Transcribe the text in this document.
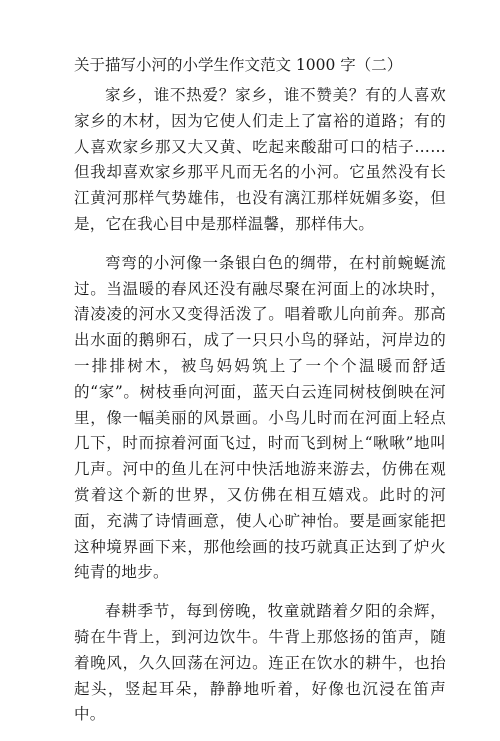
关于描写小河的小学生作文范文 1000 字（二）

家乡，谁不热爱？家乡，谁不赞美？有的人喜欢家乡的木材，因为它使人们走上了富裕的道路；有的人喜欢家乡那又大又黄、吃起来酸甜可口的桔子……但我却喜欢家乡那平凡而无名的小河。它虽然没有长江黄河那样气势雄伟，也没有漓江那样妩媚多姿，但是，它在我心目中是那样温馨，那样伟大。

弯弯的小河像一条银白色的绸带，在村前蜿蜒流过。当温暖的春风还没有融尽聚在河面上的冰块时，清凌凌的河水又变得活泼了。唱着歌儿向前奔。那高出水面的鹅卵石，成了一只只小鸟的驿站，河岸边的一排排树木，被鸟妈妈筑上了一个个温暖而舒适的“家”。树枝垂向河面，蓝天白云连同树枝倒映在河里，像一幅美丽的风景画。小鸟儿时而在河面上轻点几下，时而掠着河面飞过，时而飞到树上“啾啾”地叫几声。河中的鱼儿在河中快活地游来游去，仿佛在观赏着这个新的世界，又仿佛在相互嬉戏。此时的河面，充满了诗情画意，使人心旷神怡。要是画家能把这种境界画下来，那他绘画的技巧就真正达到了炉火纯青的地步。

春耕季节，每到傍晚，牧童就踏着夕阳的余辉，骑在牛背上，到河边饮牛。牛背上那悠扬的笛声，随着晚风，久久回荡在河边。连正在饮水的耕牛，也抬起头，竖起耳朵，静静地听着，好像也沉浸在笛声中。
